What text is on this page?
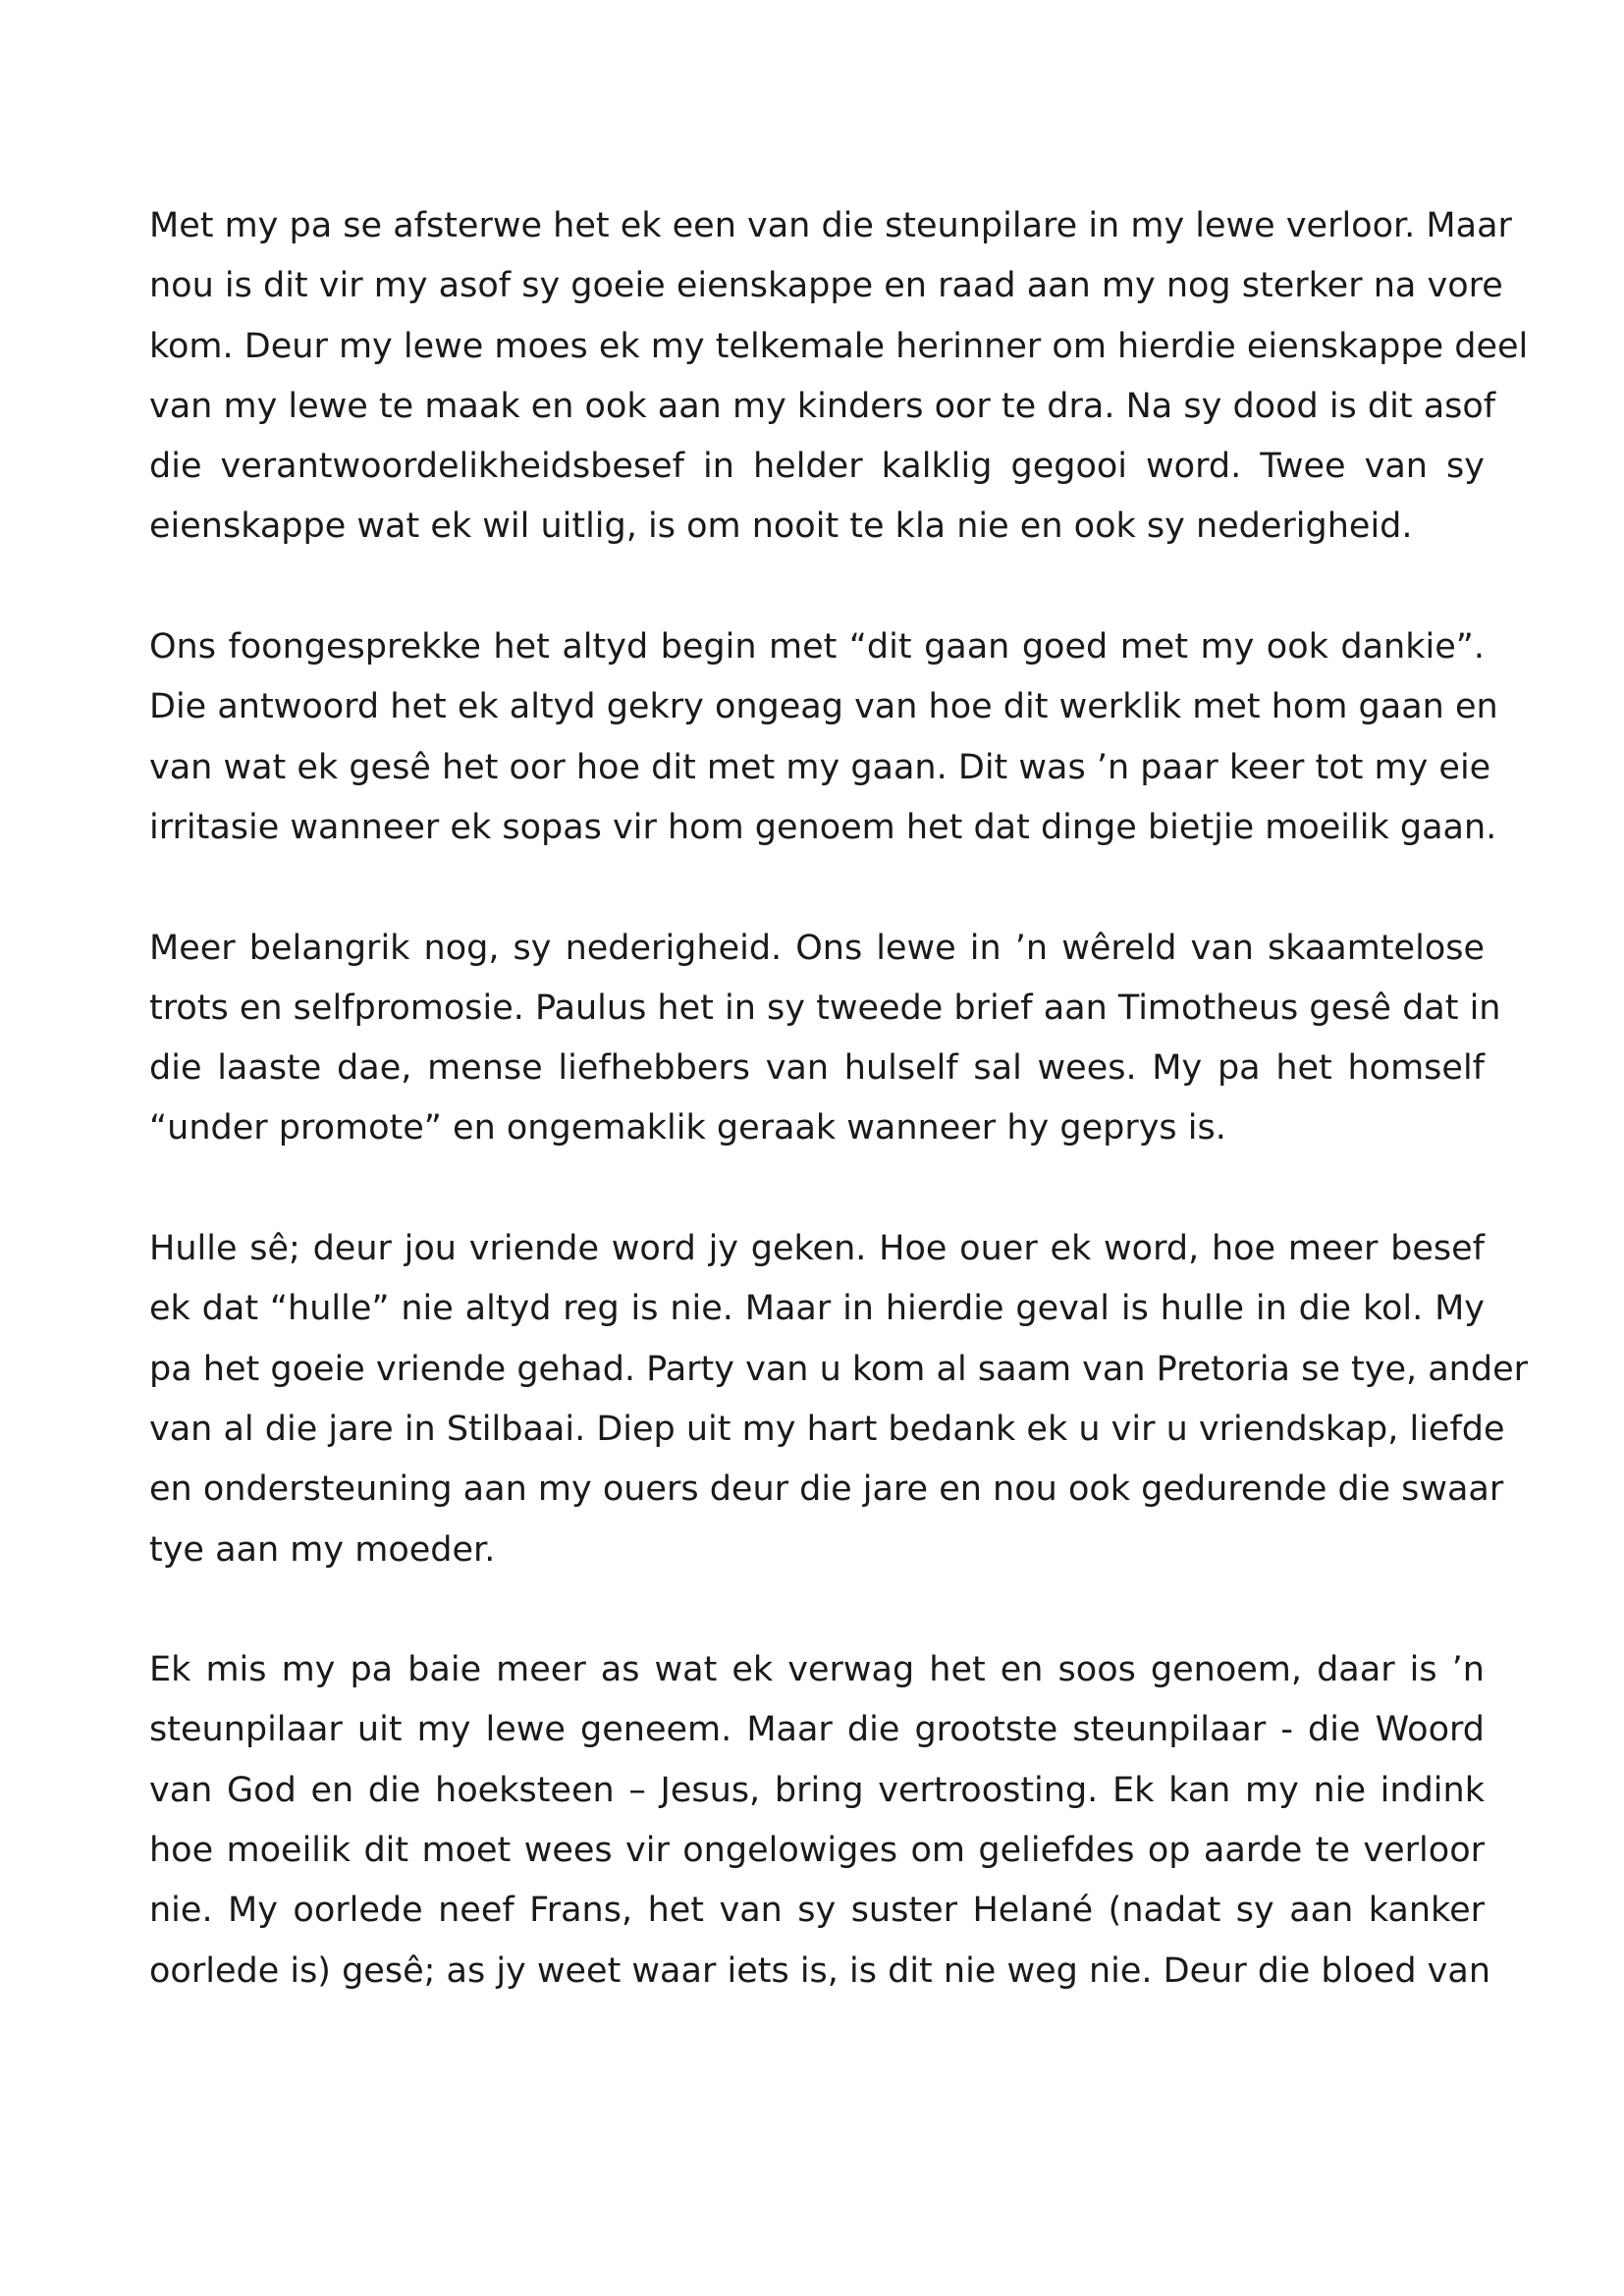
Met my pa se afsterwe het ek een van die steunpilare in my lewe verloor. Maar
nou is dit vir my asof sy goeie eienskappe en raad aan my nog sterker na vore
kom. Deur my lewe moes ek my telkemale herinner om hierdie eienskappe deel
van my lewe te maak en ook aan my kinders oor te dra. Na sy dood is dit asof
die verantwoordelikheidsbesef in helder kalklig gegooi word. Twee van sy
eienskappe wat ek wil uitlig, is om nooit te kla nie en ook sy nederigheid.

Ons foongesprekke het altyd begin met “dit gaan goed met my ook dankie”.
Die antwoord het ek altyd gekry ongeag van hoe dit werklik met hom gaan en
van wat ek gesê het oor hoe dit met my gaan. Dit was ’n paar keer tot my eie
irritasie wanneer ek sopas vir hom genoem het dat dinge bietjie moeilik gaan.

Meer belangrik nog, sy nederigheid. Ons lewe in ’n wêreld van skaamtelose
trots en selfpromosie. Paulus het in sy tweede brief aan Timotheus gesê dat in
die laaste dae, mense liefhebbers van hulself sal wees. My pa het homself
“under promote” en ongemaklik geraak wanneer hy geprys is.

Hulle sê; deur jou vriende word jy geken. Hoe ouer ek word, hoe meer besef
ek dat “hulle” nie altyd reg is nie. Maar in hierdie geval is hulle in die kol. My
pa het goeie vriende gehad. Party van u kom al saam van Pretoria se tye, ander
van al die jare in Stilbaai. Diep uit my hart bedank ek u vir u vriendskap, liefde
en ondersteuning aan my ouers deur die jare en nou ook gedurende die swaar
tye aan my moeder.

Ek mis my pa baie meer as wat ek verwag het en soos genoem, daar is ’n
steunpilaar uit my lewe geneem. Maar die grootste steunpilaar - die Woord
van God en die hoeksteen – Jesus, bring vertroosting. Ek kan my nie indink
hoe moeilik dit moet wees vir ongelowiges om geliefdes op aarde te verloor
nie. My oorlede neef Frans, het van sy suster Helané (nadat sy aan kanker
oorlede is) gesê; as jy weet waar iets is, is dit nie weg nie. Deur die bloed van
